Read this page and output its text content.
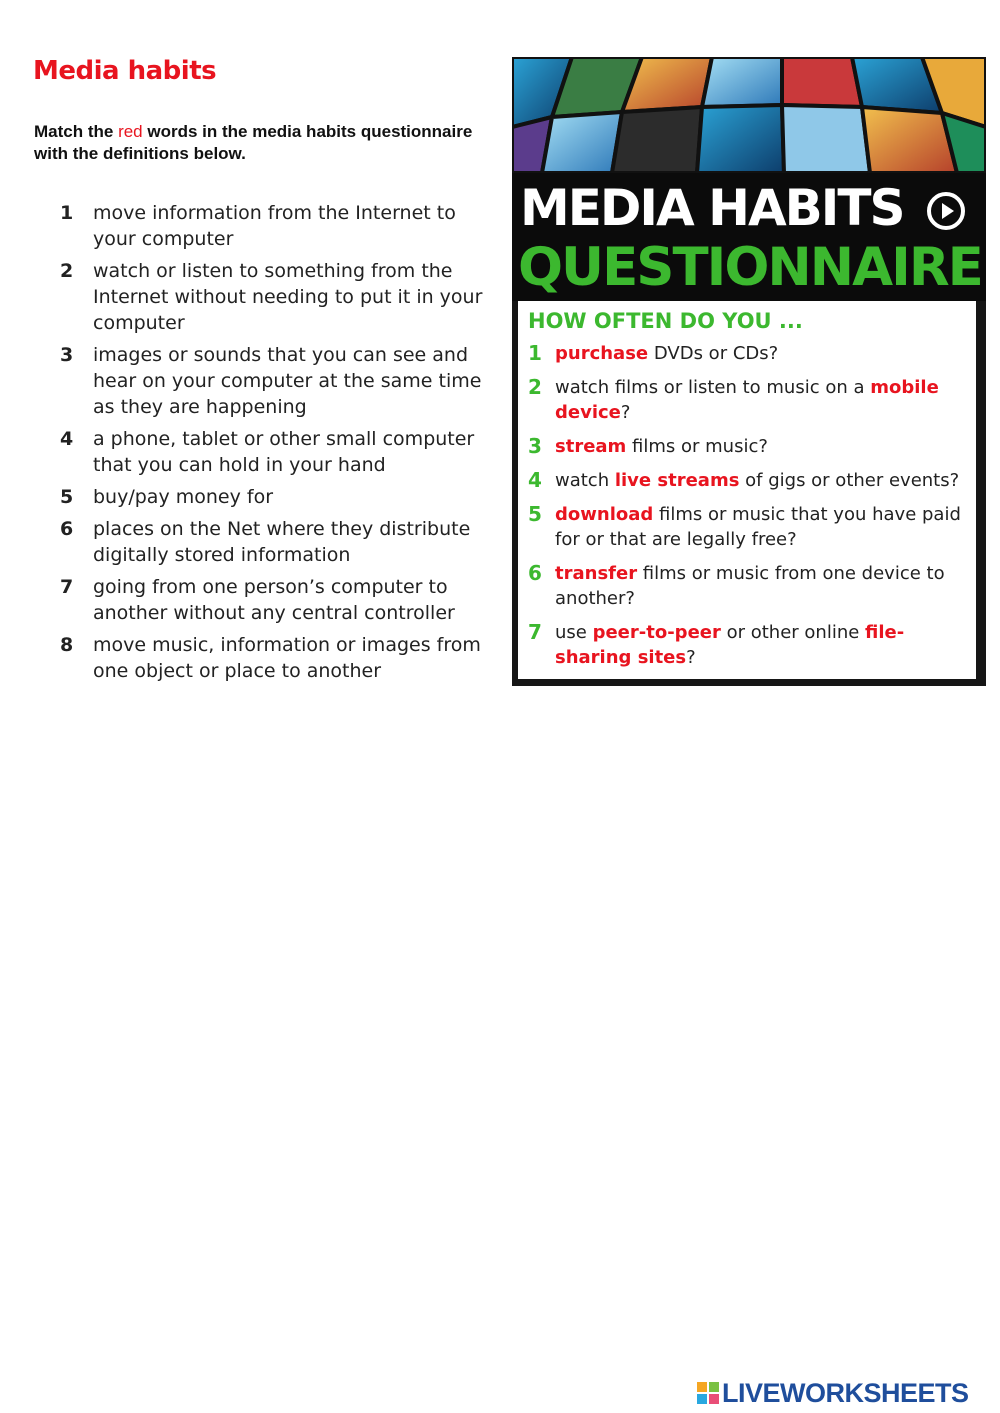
Media habits
Match the red words in the media habits questionnaire with the definitions below.
1	move information from the Internet to your computer
2	watch or listen to something from the Internet without needing to put it in your computer
3	images or sounds that you can see and hear on your computer at the same time as they are happening
4	a phone, tablet or other small computer that you can hold in your hand
5	buy/pay money for
6	places on the Net where they distribute digitally stored information
7	going from one person’s computer to another without any central controller
8	move music, information or images from one object or place to another
MEDIA HABITS
QUESTIONNAIRE
HOW OFTEN DO YOU ...
1 purchase DVDs or CDs?
2 watch films or listen to music on a mobile device?
3 stream films or music?
4 watch live streams of gigs or other events?
5 download films or music that you have paid for or that are legally free?
6 transfer films or music from one device to another?
7 use peer-to-peer or other online file-sharing sites?
LIVEWORKSHEETS
